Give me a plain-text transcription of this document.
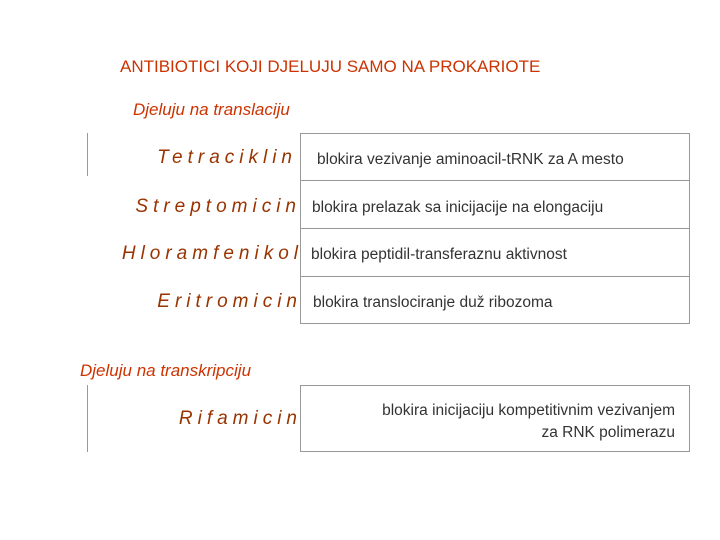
ANTIBIOTICI KOJI DJELUJU SAMO NA PROKARIOTE
Djeluju na translaciju
Tetraciklin blokira vezivanje aminoacil-tRNK za A mesto
Streptomicin blokira prelazak sa inicijacije na elongaciju
Hloramfenikol blokira peptidil-transferaznu aktivnost
Eritromicin blokira translociranje duž ribozoma
Djeluju na transkripciju
Rifamicin	blokira inicijaciju kompetitivnim vezivanjem
za RNK polimerazu
